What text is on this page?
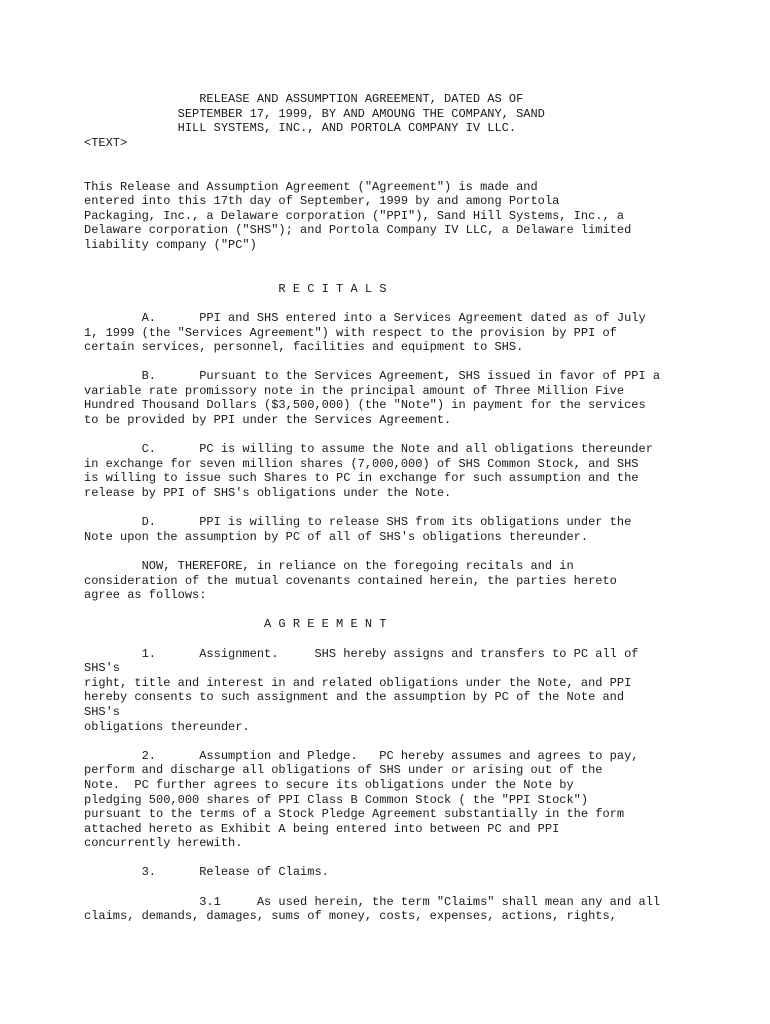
RELEASE AND ASSUMPTION AGREEMENT, DATED AS OF
SEPTEMBER 17, 1999, BY AND AMOUNG THE COMPANY, SAND
HILL SYSTEMS, INC., AND PORTOLA COMPANY IV LLC.
<TEXT>
This Release and Assumption Agreement ("Agreement") is made and
entered into this 17th day of September, 1999 by and among Portola
Packaging, Inc., a Delaware corporation ("PPI"), Sand Hill Systems, Inc., a
Delaware corporation ("SHS"); and Portola Company IV LLC, a Delaware limited
liability company ("PC")
R E C I T A L S
A.      PPI and SHS entered into a Services Agreement dated as of July
1, 1999 (the "Services Agreement") with respect to the provision by PPI of
certain services, personnel, facilities and equipment to SHS.
B.      Pursuant to the Services Agreement, SHS issued in favor of PPI a
variable rate promissory note in the principal amount of Three Million Five
Hundred Thousand Dollars ($3,500,000) (the "Note") in payment for the services
to be provided by PPI under the Services Agreement.
C.      PC is willing to assume the Note and all obligations thereunder
in exchange for seven million shares (7,000,000) of SHS Common Stock, and SHS
is willing to issue such Shares to PC in exchange for such assumption and the
release by PPI of SHS's obligations under the Note.
D.      PPI is willing to release SHS from its obligations under the
Note upon the assumption by PC of all of SHS's obligations thereunder.
NOW, THEREFORE, in reliance on the foregoing recitals and in
consideration of the mutual covenants contained herein, the parties hereto
agree as follows:
A G R E E M E N T
1.      Assignment.     SHS hereby assigns and transfers to PC all of
SHS's
right, title and interest in and related obligations under the Note, and PPI
hereby consents to such assignment and the assumption by PC of the Note and
SHS's
obligations thereunder.
2.      Assumption and Pledge.   PC hereby assumes and agrees to pay,
perform and discharge all obligations of SHS under or arising out of the
Note.  PC further agrees to secure its obligations under the Note by
pledging 500,000 shares of PPI Class B Common Stock ( the "PPI Stock")
pursuant to the terms of a Stock Pledge Agreement substantially in the form
attached hereto as Exhibit A being entered into between PC and PPI
concurrently herewith.
3.      Release of Claims.
3.1     As used herein, the term "Claims" shall mean any and all
claims, demands, damages, sums of money, costs, expenses, actions, rights,
